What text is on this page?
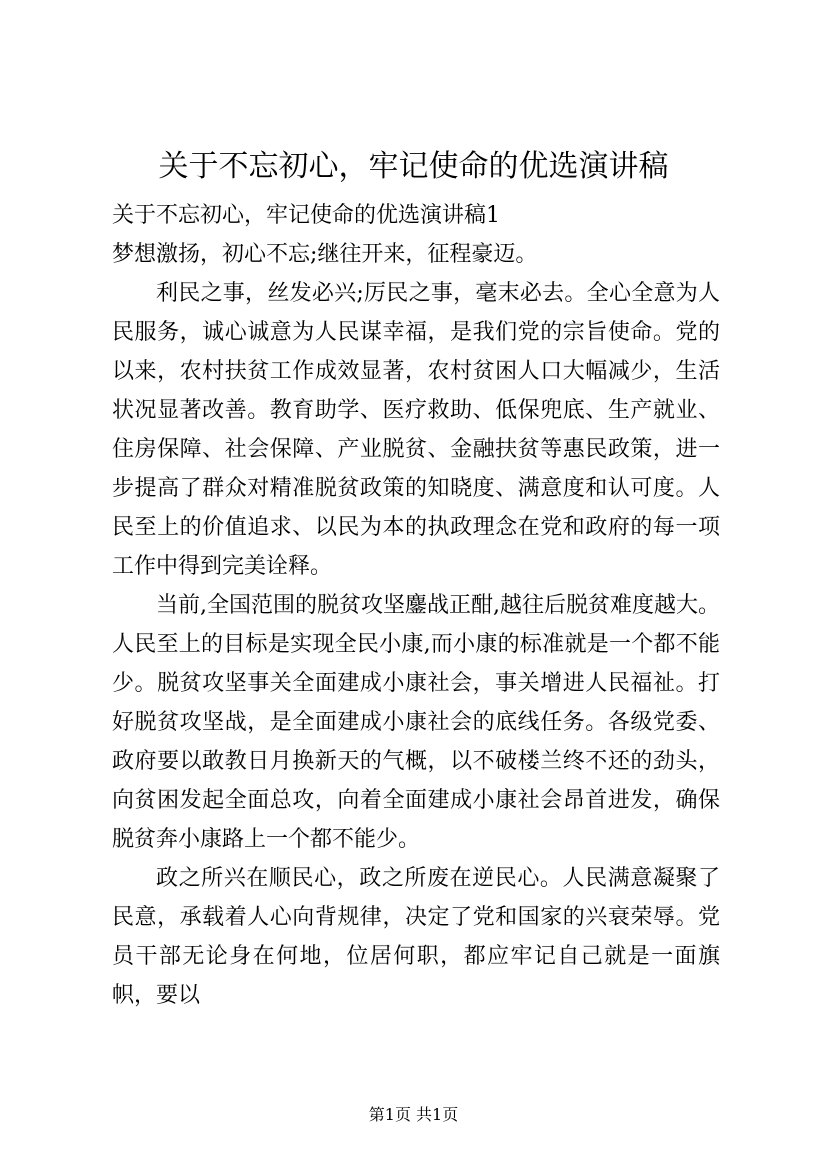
关于不忘初心，牢记使命的优选演讲稿

关于不忘初心，牢记使命的优选演讲稿1

梦想激扬，初心不忘;继往开来，征程豪迈。

利民之事，丝发必兴;厉民之事，毫末必去。全心全意为人民服务，诚心诚意为人民谋幸福，是我们党的宗旨使命。党的以来，农村扶贫工作成效显著，农村贫困人口大幅减少，生活状况显著改善。教育助学、医疗救助、低保兜底、生产就业、住房保障、社会保障、产业脱贫、金融扶贫等惠民政策，进一步提高了群众对精准脱贫政策的知晓度、满意度和认可度。人民至上的价值追求、以民为本的执政理念在党和政府的每一项工作中得到完美诠释。

当前,全国范围的脱贫攻坚鏖战正酣,越往后脱贫难度越大。人民至上的目标是实现全民小康,而小康的标准就是一个都不能少。脱贫攻坚事关全面建成小康社会，事关增进人民福祉。打好脱贫攻坚战，是全面建成小康社会的底线任务。各级党委、政府要以敢教日月换新天的气概，以不破楼兰终不还的劲头，向贫困发起全面总攻，向着全面建成小康社会昂首进发，确保脱贫奔小康路上一个都不能少。

政之所兴在顺民心，政之所废在逆民心。人民满意凝聚了民意，承载着人心向背规律，决定了党和国家的兴衰荣辱。党员干部无论身在何地，位居何职，都应牢记自己就是一面旗帜，要以

第1页 共1页
